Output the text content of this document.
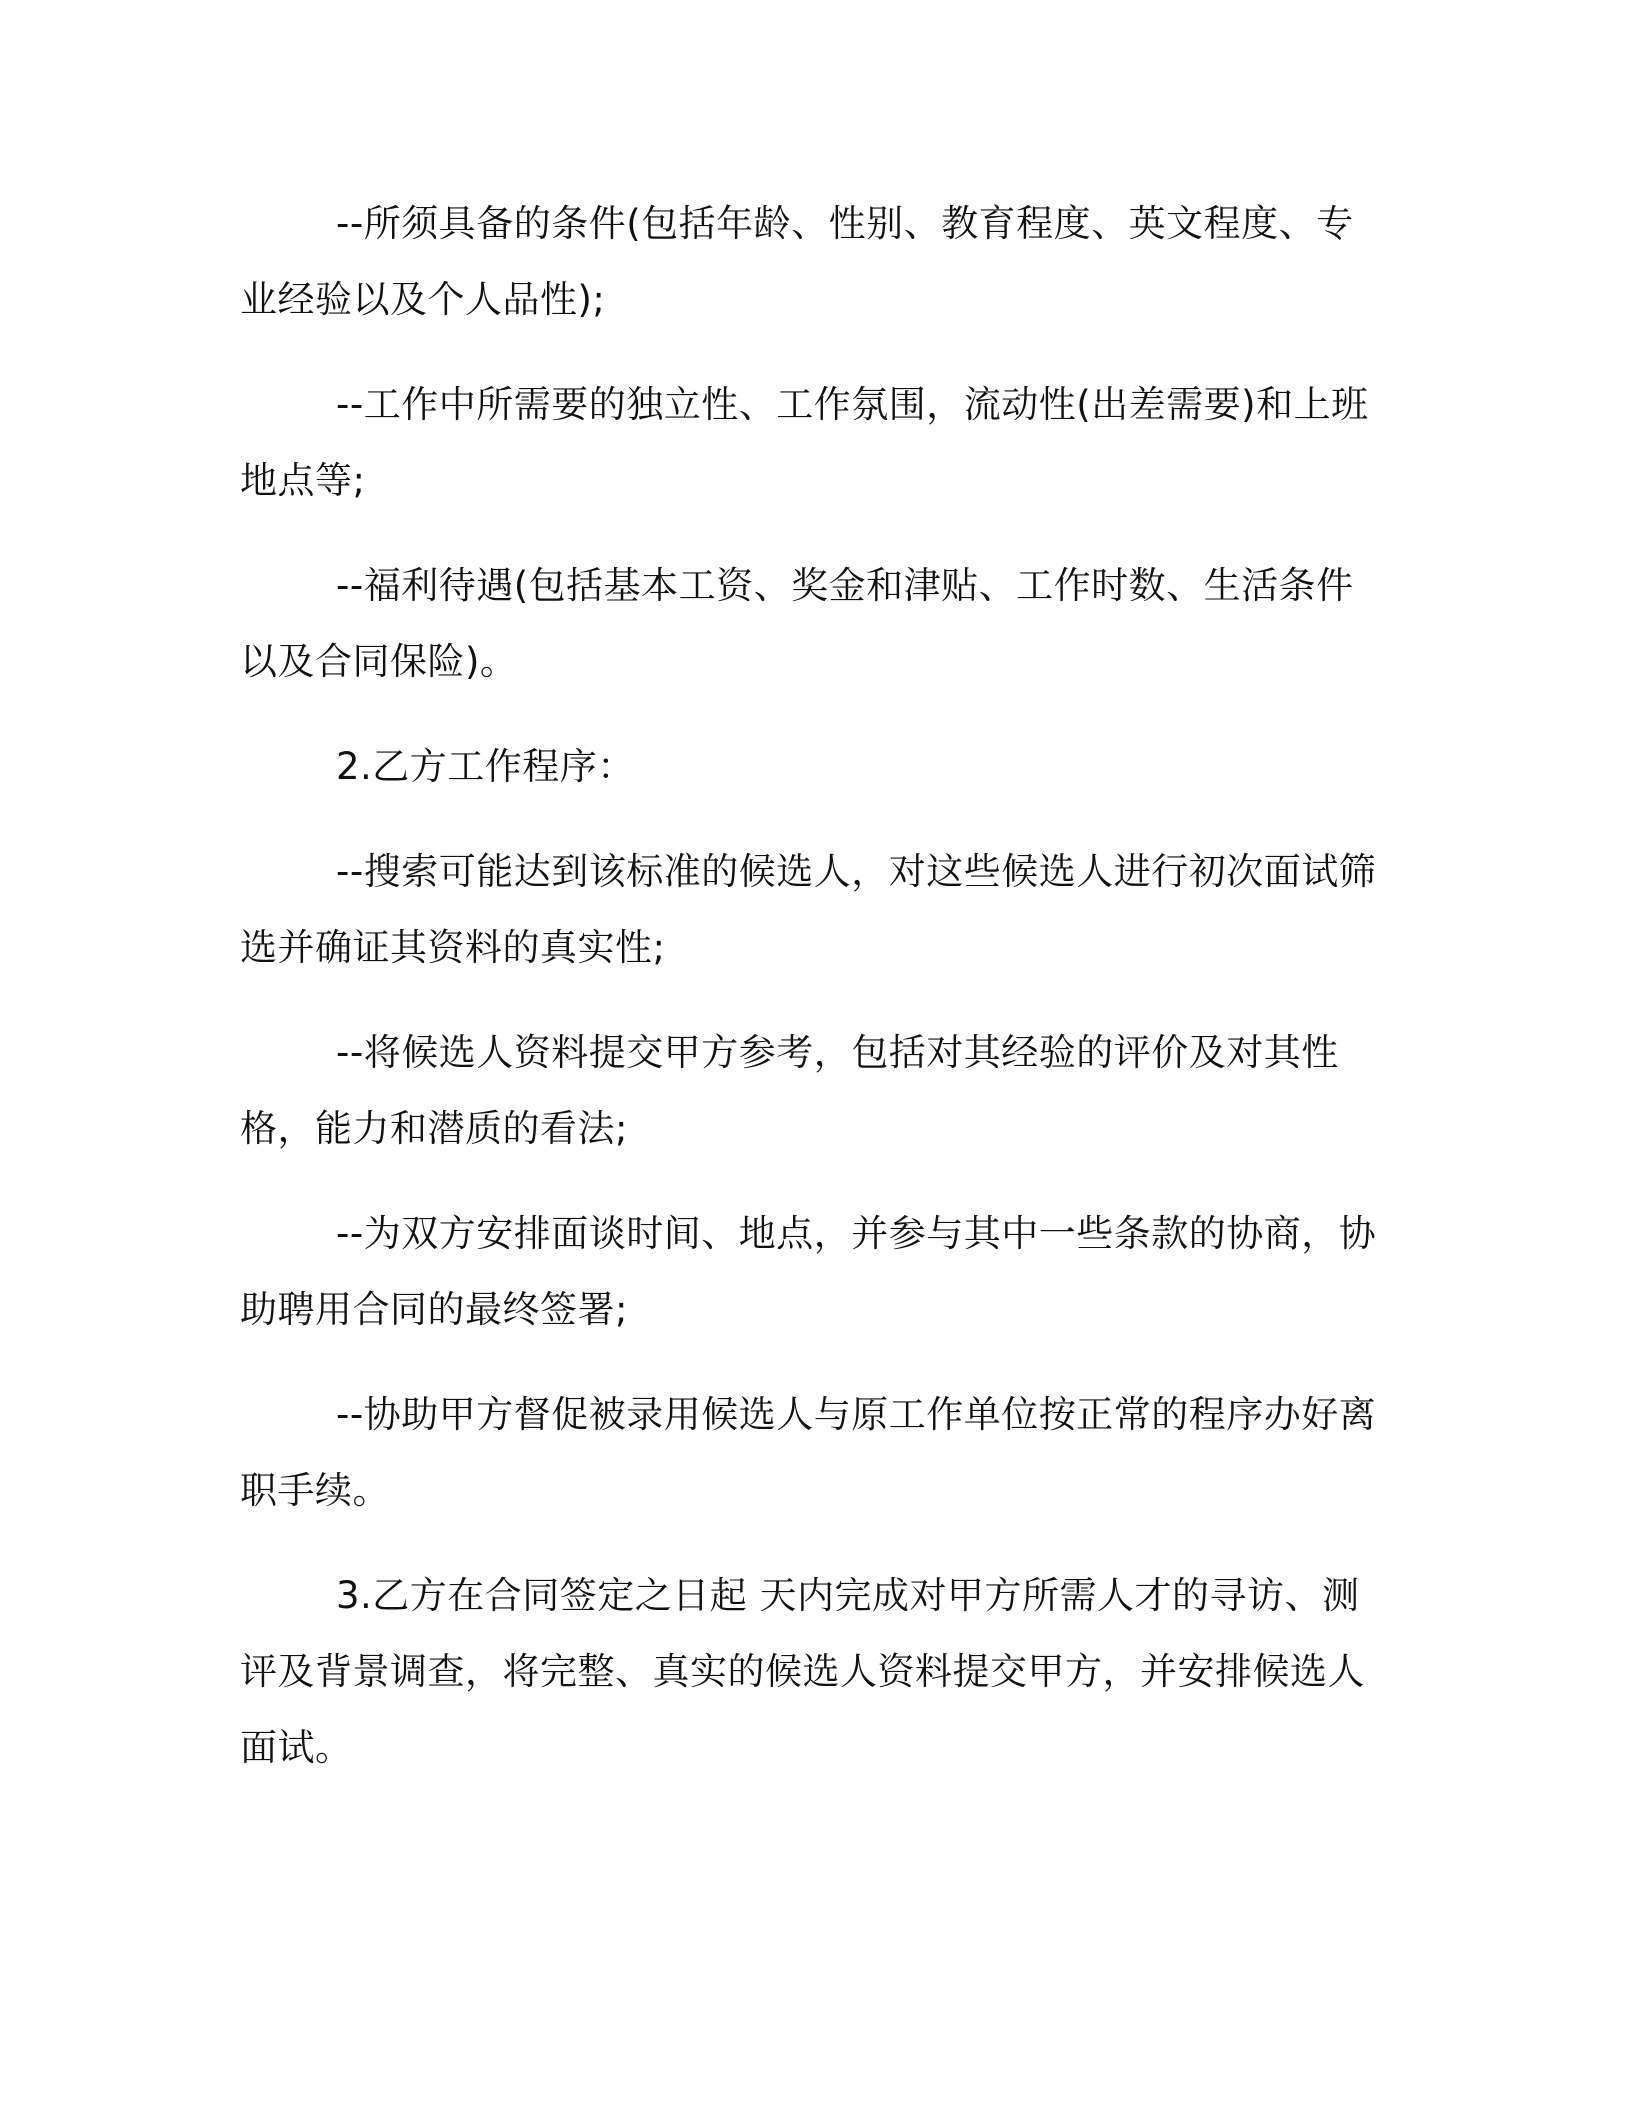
--所须具备的条件(包括年龄、性别、教育程度、英文程度、专业经验以及个人品性);

--工作中所需要的独立性、工作氛围，流动性(出差需要)和上班地点等;

--福利待遇(包括基本工资、奖金和津贴、工作时数、生活条件以及合同保险)。

2.乙方工作程序：

--搜索可能达到该标准的候选人，对这些候选人进行初次面试筛选并确证其资料的真实性;

--将候选人资料提交甲方参考，包括对其经验的评价及对其性格，能力和潜质的看法;

--为双方安排面谈时间、地点，并参与其中一些条款的协商，协助聘用合同的最终签署;

--协助甲方督促被录用候选人与原工作单位按正常的程序办好离职手续。

3.乙方在合同签定之日起 天内完成对甲方所需人才的寻访、测评及背景调查，将完整、真实的候选人资料提交甲方，并安排候选人面试。
